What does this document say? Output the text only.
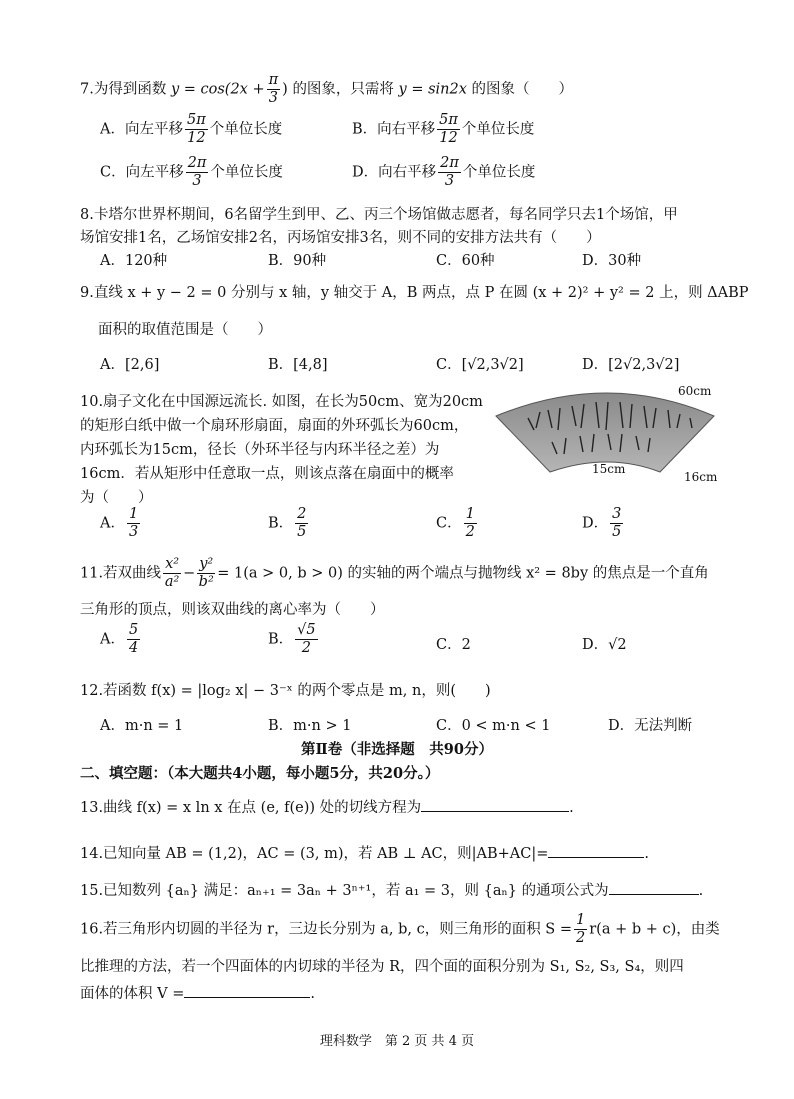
7.为得到函数 $y = \cos(2x + \frac{\pi}{3}$ ) 的图象，只需将 y = sin2x 的图象（　　）
A．向左平移 $\frac{5\pi}{12}$ 个单位长度	B．向右平移 $\frac{5\pi}{12}$ 个单位长度
C．向左平移 $\frac{2\pi}{3}$ 个单位长度	D．向右平移 $\frac{2\pi}{3}$ 个单位长度
8.卡塔尔世界杯期间，6名留学生到甲、乙、丙三个场馆做志愿者，每名同学只去1个场馆，甲
场馆安排1名，乙场馆安排2名，丙场馆安排3名，则不同的安排方法共有（　　）
A．120种	B．90种	C．60种	D．30种
9.直线 x + y − 2 = 0 分别与 x 轴，y 轴交于 A，B 两点，点 P 在圆 (x + 2)² + y² = 2 上，则 ΔABP
面积的取值范围是（　　）
A．[2,6]	B．[4,8]	C．[√2,3√2]	D．[2√2,3√2]
10.扇子文化在中国源远流长. 如图，在长为50cm、宽为20cm
的矩形白纸中做一个扇环形扇面，扇面的外环弧长为60cm，
内环弧长为15cm，径长（外环半径与内环半径之差）为
16cm．若从矩形中任意取一点，则该点落在扇面中的概率
为（　　）
60cm
15cm
16cm
A． $\frac{1}{3}$	B． $\frac{2}{5}$	C． $\frac{1}{2}$	D． $\frac{3}{5}$
11.若双曲线 $\frac{\text{x²}}{\text{a²}} - \frac{\text{y²}}{\text{b²}} = 1(a > 0$, b > 0) 的实轴的两个端点与抛物线 x² = 8by 的焦点是一个直角
三角形的顶点，则该双曲线的离心率为（　　）
A． $\frac{5}{4}$	B． $\frac{√5}{2}$	C．2	D．√2
12.若函数 f(x) = |log₂ x| − 3⁻ˣ 的两个零点是 m, n，则(　　)
A．m·n = 1	B．m·n > 1	C．0 < m·n < 1	D．无法判断
第Ⅱ卷（非选择题　共90分）
二、填空题：（本大题共4小题，每小题5分，共20分。）
13.曲线 f(x) = x ln x 在点 (e, f(e)) 处的切线方程为	.
14.已知向量 AB = (1,2)，AC = (3, m)，若 AB ⊥ AC，则|AB+AC|=	.
15.已知数列 {aₙ} 满足：aₙ₊₁ = 3aₙ + 3ⁿ⁺¹，若 a₁ = 3，则 {aₙ} 的通项公式为	.
16.若三角形内切圆的半径为 r，三边长分别为 a, b, c，则三角形的面积 $S = \frac{1}{2} r(a + b + c)$，由类
比推理的方法，若一个四面体的内切球的半径为 R，四个面的面积分别为 S₁, S₂, S₃, S₄，则四
面体的体积 V =	.
理科数学　第 2 页 共 4 页
